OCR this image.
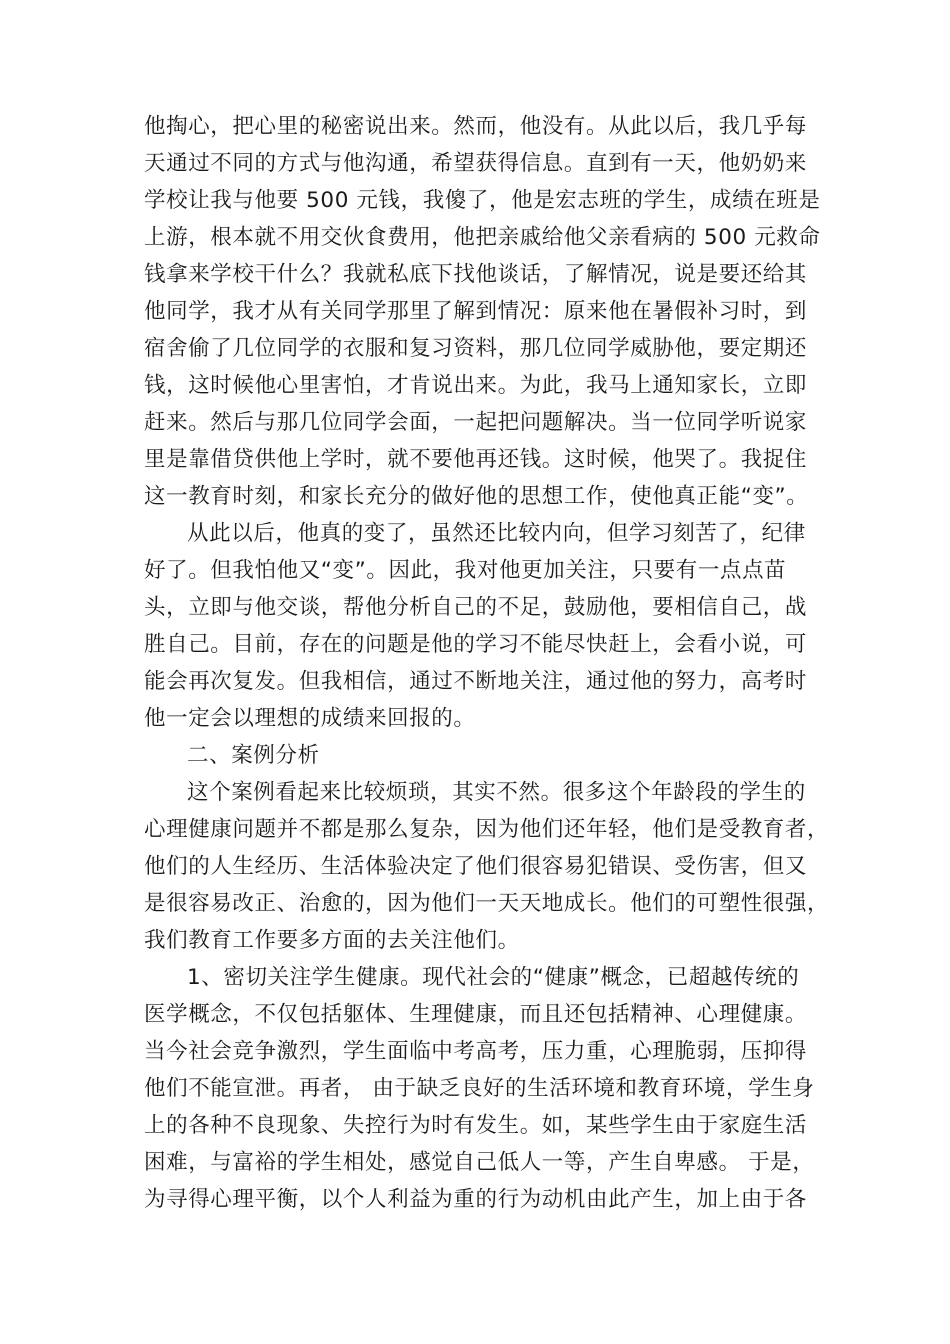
他掏心，把心里的秘密说出来。然而，他没有。从此以后，我几乎每
天通过不同的方式与他沟通，希望获得信息。直到有一天，他奶奶来
学校让我与他要 500 元钱，我傻了，他是宏志班的学生，成绩在班是
上游，根本就不用交伙食费用，他把亲戚给他父亲看病的 500 元救命
钱拿来学校干什么？我就私底下找他谈话，了解情况，说是要还给其
他同学，我才从有关同学那里了解到情况：原来他在暑假补习时，到
宿舍偷了几位同学的衣服和复习资料，那几位同学威胁他，要定期还
钱，这时候他心里害怕，才肯说出来。为此，我马上通知家长，立即
赶来。然后与那几位同学会面，一起把问题解决。当一位同学听说家
里是靠借贷供他上学时，就不要他再还钱。这时候，他哭了。我捉住
这一教育时刻，和家长充分的做好他的思想工作，使他真正能“变”。
从此以后，他真的变了，虽然还比较内向，但学习刻苦了，纪律
好了。但我怕他又“变”。因此，我对他更加关注，只要有一点点苗
头，立即与他交谈，帮他分析自己的不足，鼓励他，要相信自己，战
胜自己。目前，存在的问题是他的学习不能尽快赶上，会看小说，可
能会再次复发。但我相信，通过不断地关注，通过他的努力，高考时
他一定会以理想的成绩来回报的。
二、案例分析
这个案例看起来比较烦琐，其实不然。很多这个年龄段的学生的
心理健康问题并不都是那么复杂，因为他们还年轻，他们是受教育者，
他们的人生经历、生活体验决定了他们很容易犯错误、受伤害，但又
是很容易改正、治愈的，因为他们一天天地成长。他们的可塑性很强，
我们教育工作要多方面的去关注他们。
1、密切关注学生健康。现代社会的“健康”概念，已超越传统的
医学概念，不仅包括躯体、生理健康，而且还包括精神、心理健康。
当今社会竞争激烈，学生面临中考高考，压力重，心理脆弱，压抑得
他们不能宣泄。再者， 由于缺乏良好的生活环境和教育环境，学生身
上的各种不良现象、失控行为时有发生。如，某些学生由于家庭生活
困难，与富裕的学生相处，感觉自己低人一等，产生自卑感。 于是，
为寻得心理平衡，以个人利益为重的行为动机由此产生，加上由于各
